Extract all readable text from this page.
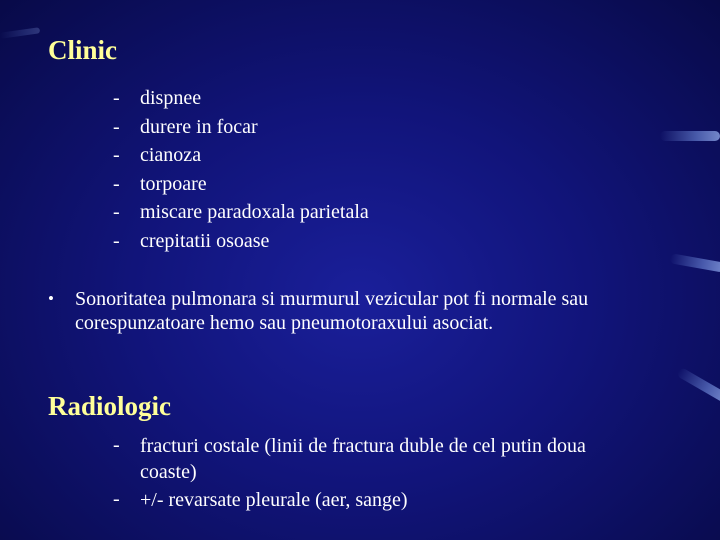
Clinic
- dispnee
- durere in focar
- cianoza
- torpoare
- miscare paradoxala parietala
- crepitatii osoase
• Sonoritatea pulmonara si murmurul vezicular pot fi normale sau
corespunzatoare hemo sau pneumotoraxului asociat.
Radiologic
- fracturi costale (linii de fractura duble de cel putin doua
coaste)
- +/- revarsate pleurale (aer, sange)
